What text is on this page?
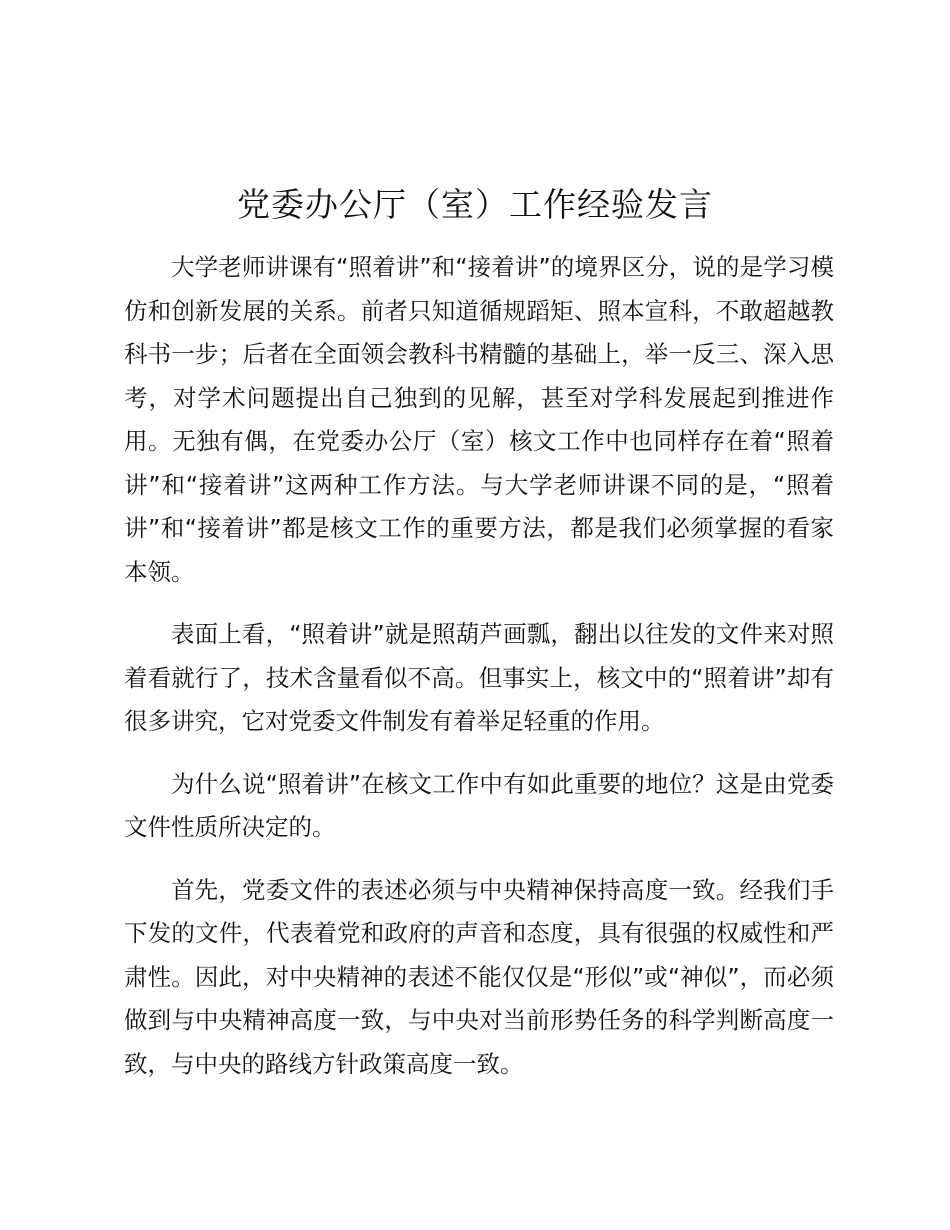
党委办公厅（室）工作经验发言

大学老师讲课有“照着讲”和“接着讲”的境界区分，说的是学习模仿和创新发展的关系。前者只知道循规蹈矩、照本宣科，不敢超越教科书一步；后者在全面领会教科书精髓的基础上，举一反三、深入思考，对学术问题提出自己独到的见解，甚至对学科发展起到推进作用。无独有偶，在党委办公厅（室）核文工作中也同样存在着“照着讲”和“接着讲”这两种工作方法。与大学老师讲课不同的是，“照着讲”和“接着讲”都是核文工作的重要方法，都是我们必须掌握的看家本领。

表面上看，“照着讲”就是照葫芦画瓢，翻出以往发的文件来对照着看就行了，技术含量看似不高。但事实上，核文中的“照着讲”却有很多讲究，它对党委文件制发有着举足轻重的作用。

为什么说“照着讲”在核文工作中有如此重要的地位？这是由党委文件性质所决定的。

首先，党委文件的表述必须与中央精神保持高度一致。经我们手下发的文件，代表着党和政府的声音和态度，具有很强的权威性和严肃性。因此，对中央精神的表述不能仅仅是“形似”或“神似”，而必须做到与中央精神高度一致，与中央对当前形势任务的科学判断高度一致，与中央的路线方针政策高度一致。
